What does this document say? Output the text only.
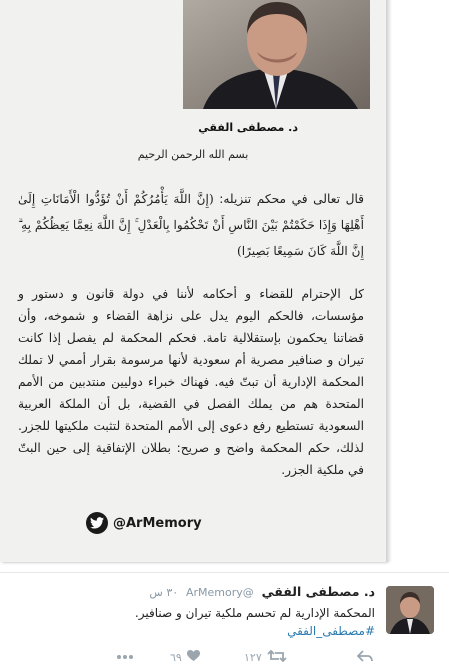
د. مصطفى الفقي
بسم الله الرحمن الرحيم
قال تعالى في محكم تنزيله: (إِنَّ اللَّهَ يَأْمُرُكُمْ أَنْ تُؤَدُّوا الْأَمَانَاتِ إِلَىٰ أَهْلِهَا وَإِذَا حَكَمْتُمْ بَيْنَ النَّاسِ أَنْ تَحْكُمُوا بِالْعَدْلِ ۚ إِنَّ اللَّهَ نِعِمَّا يَعِظُكُمْ بِهِ ۗ إِنَّ اللَّهَ كَانَ سَمِيعًا بَصِيرًا)
كل الإحترام للقضاء و أحكامه لأننا في دولة قانون و دستور و مؤسسات، فالحكم اليوم يدل على نزاهة القضاء و شموخه، وأن قضاتنا يحكمون بإستقلالية تامة. فحكم المحكمة لم يفصل إذا كانت تيران و صنافير مصرية أم سعودية لأنها مرسومة بقرار أممي لا تملك المحكمة الإدارية أن تبتّ فيه. فهناك خبراء دوليين منتدبين من الأمم المتحدة هم من يملك الفصل في القضية، بل أن الملكة العربية السعودية تستطيع رفع دعوى إلى الأمم المتحدة لتثبت ملكيتها للجزر. لذلك، حكم المحكمة واضح و صريح: بطلان الإتفاقية إلى حين البتّ في ملكية الجزر.
@ArMemory
د. مصطفى الفقي @ArMemory ٣٠ س
المحكمة الإدارية لم تحسم ملكية تيران و صنافير.
#مصطفى_الفقي
١٢٧
٦٩
